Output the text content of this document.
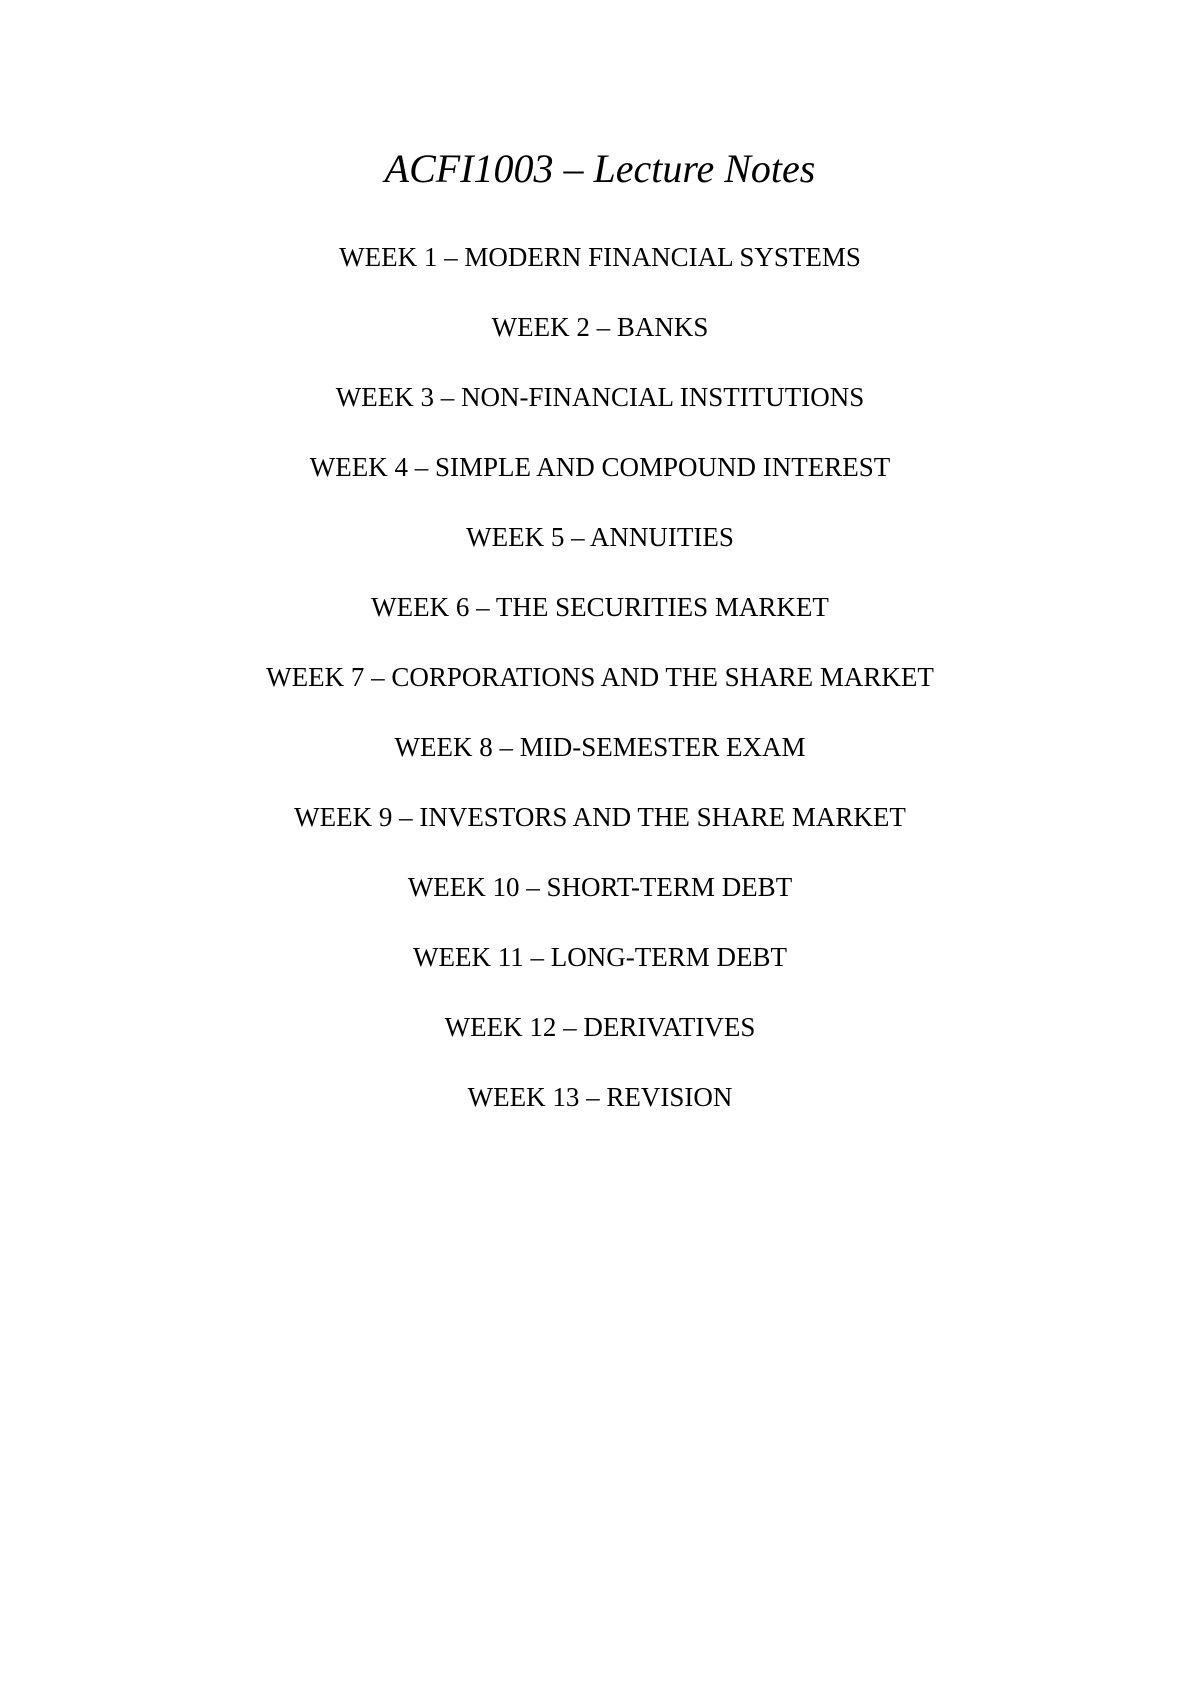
ACFI1003 – Lecture Notes
WEEK 1 – MODERN FINANCIAL SYSTEMS
WEEK 2 – BANKS
WEEK 3 – NON-FINANCIAL INSTITUTIONS
WEEK 4 – SIMPLE AND COMPOUND INTEREST
WEEK 5 – ANNUITIES
WEEK 6 – THE SECURITIES MARKET
WEEK 7 – CORPORATIONS AND THE SHARE MARKET
WEEK 8 – MID-SEMESTER EXAM
WEEK 9 – INVESTORS AND THE SHARE MARKET
WEEK 10 – SHORT-TERM DEBT
WEEK 11 – LONG-TERM DEBT
WEEK 12 – DERIVATIVES
WEEK 13 – REVISION
